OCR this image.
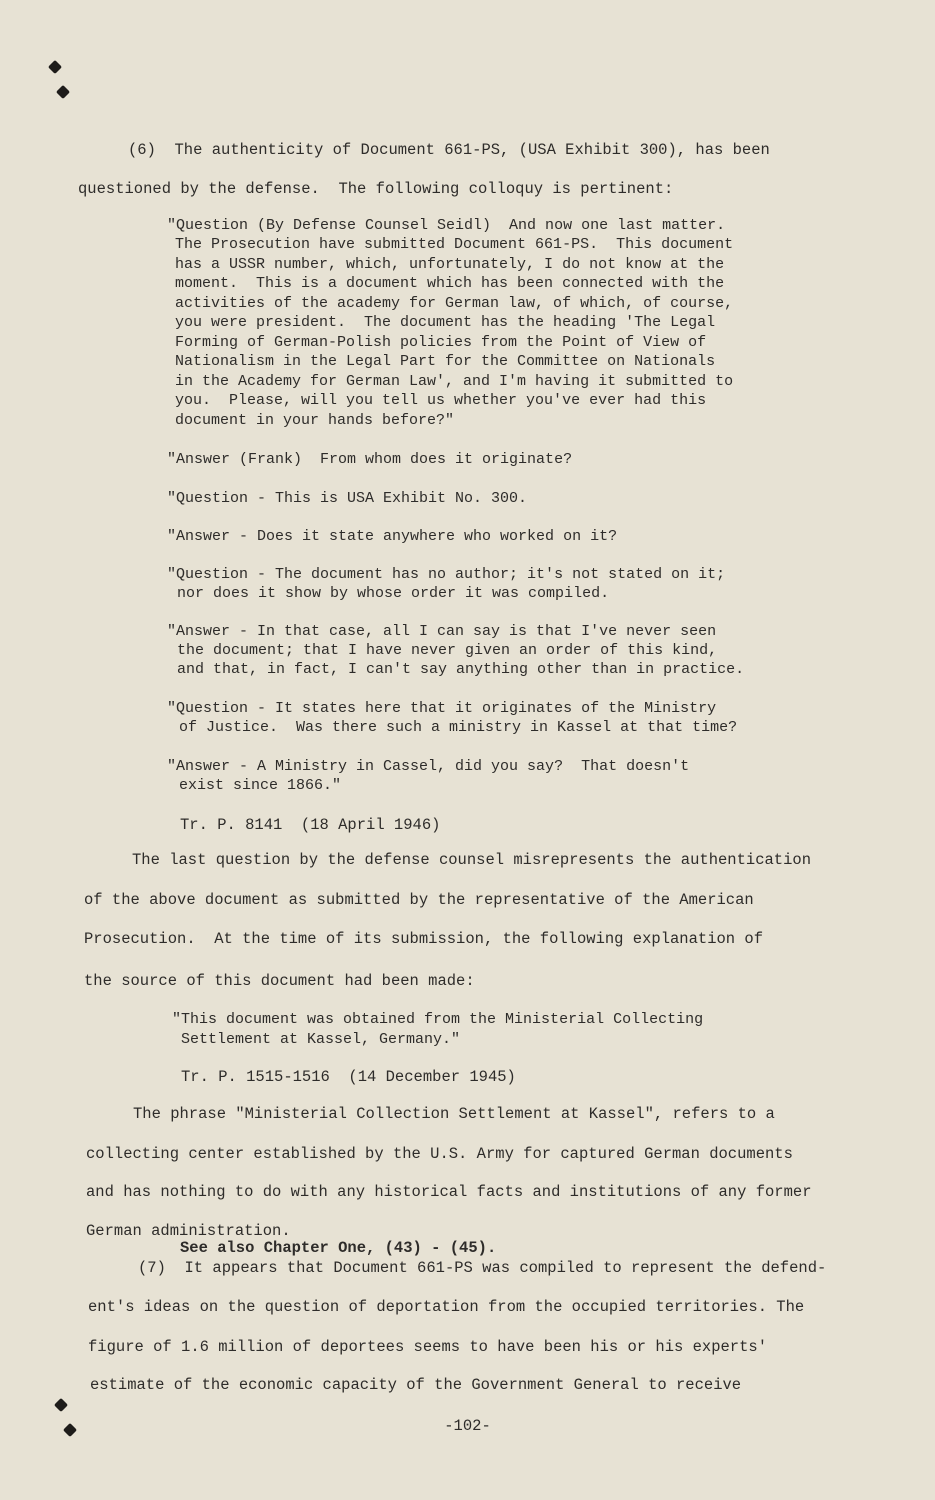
(6)  The authenticity of Document 661-PS, (USA Exhibit 300), has been
questioned by the defense.  The following colloquy is pertinent:
"Question (By Defense Counsel Seidl)  And now one last matter.
The Prosecution have submitted Document 661-PS.  This document
has a USSR number, which, unfortunately, I do not know at the
moment.  This is a document which has been connected with the
activities of the academy for German law, of which, of course,
you were president.  The document has the heading 'The Legal
Forming of German-Polish policies from the Point of View of
Nationalism in the Legal Part for the Committee on Nationals
in the Academy for German Law', and I'm having it submitted to
you.  Please, will you tell us whether you've ever had this
document in your hands before?"
"Answer (Frank)  From whom does it originate?
"Question - This is USA Exhibit No. 300.
"Answer - Does it state anywhere who worked on it?
"Question - The document has no author; it's not stated on it;
nor does it show by whose order it was compiled.
"Answer - In that case, all I can say is that I've never seen
the document; that I have never given an order of this kind,
and that, in fact, I can't say anything other than in practice.
"Question - It states here that it originates of the Ministry
of Justice.  Was there such a ministry in Kassel at that time?
"Answer - A Ministry in Cassel, did you say?  That doesn't
exist since 1866."
Tr. P. 8141  (18 April 1946)
The last question by the defense counsel misrepresents the authentication
of the above document as submitted by the representative of the American
Prosecution.  At the time of its submission, the following explanation of
the source of this document had been made:
"This document was obtained from the Ministerial Collecting
Settlement at Kassel, Germany."
Tr. P. 1515-1516  (14 December 1945)
The phrase "Ministerial Collection Settlement at Kassel", refers to a
collecting center established by the U.S. Army for captured German documents
and has nothing to do with any historical facts and institutions of any former
German administration.
See also Chapter One, (43) - (45).
(7)  It appears that Document 661-PS was compiled to represent the defend-
ent's ideas on the question of deportation from the occupied territories. The
figure of 1.6 million of deportees seems to have been his or his experts'
estimate of the economic capacity of the Government General to receive
-102-
